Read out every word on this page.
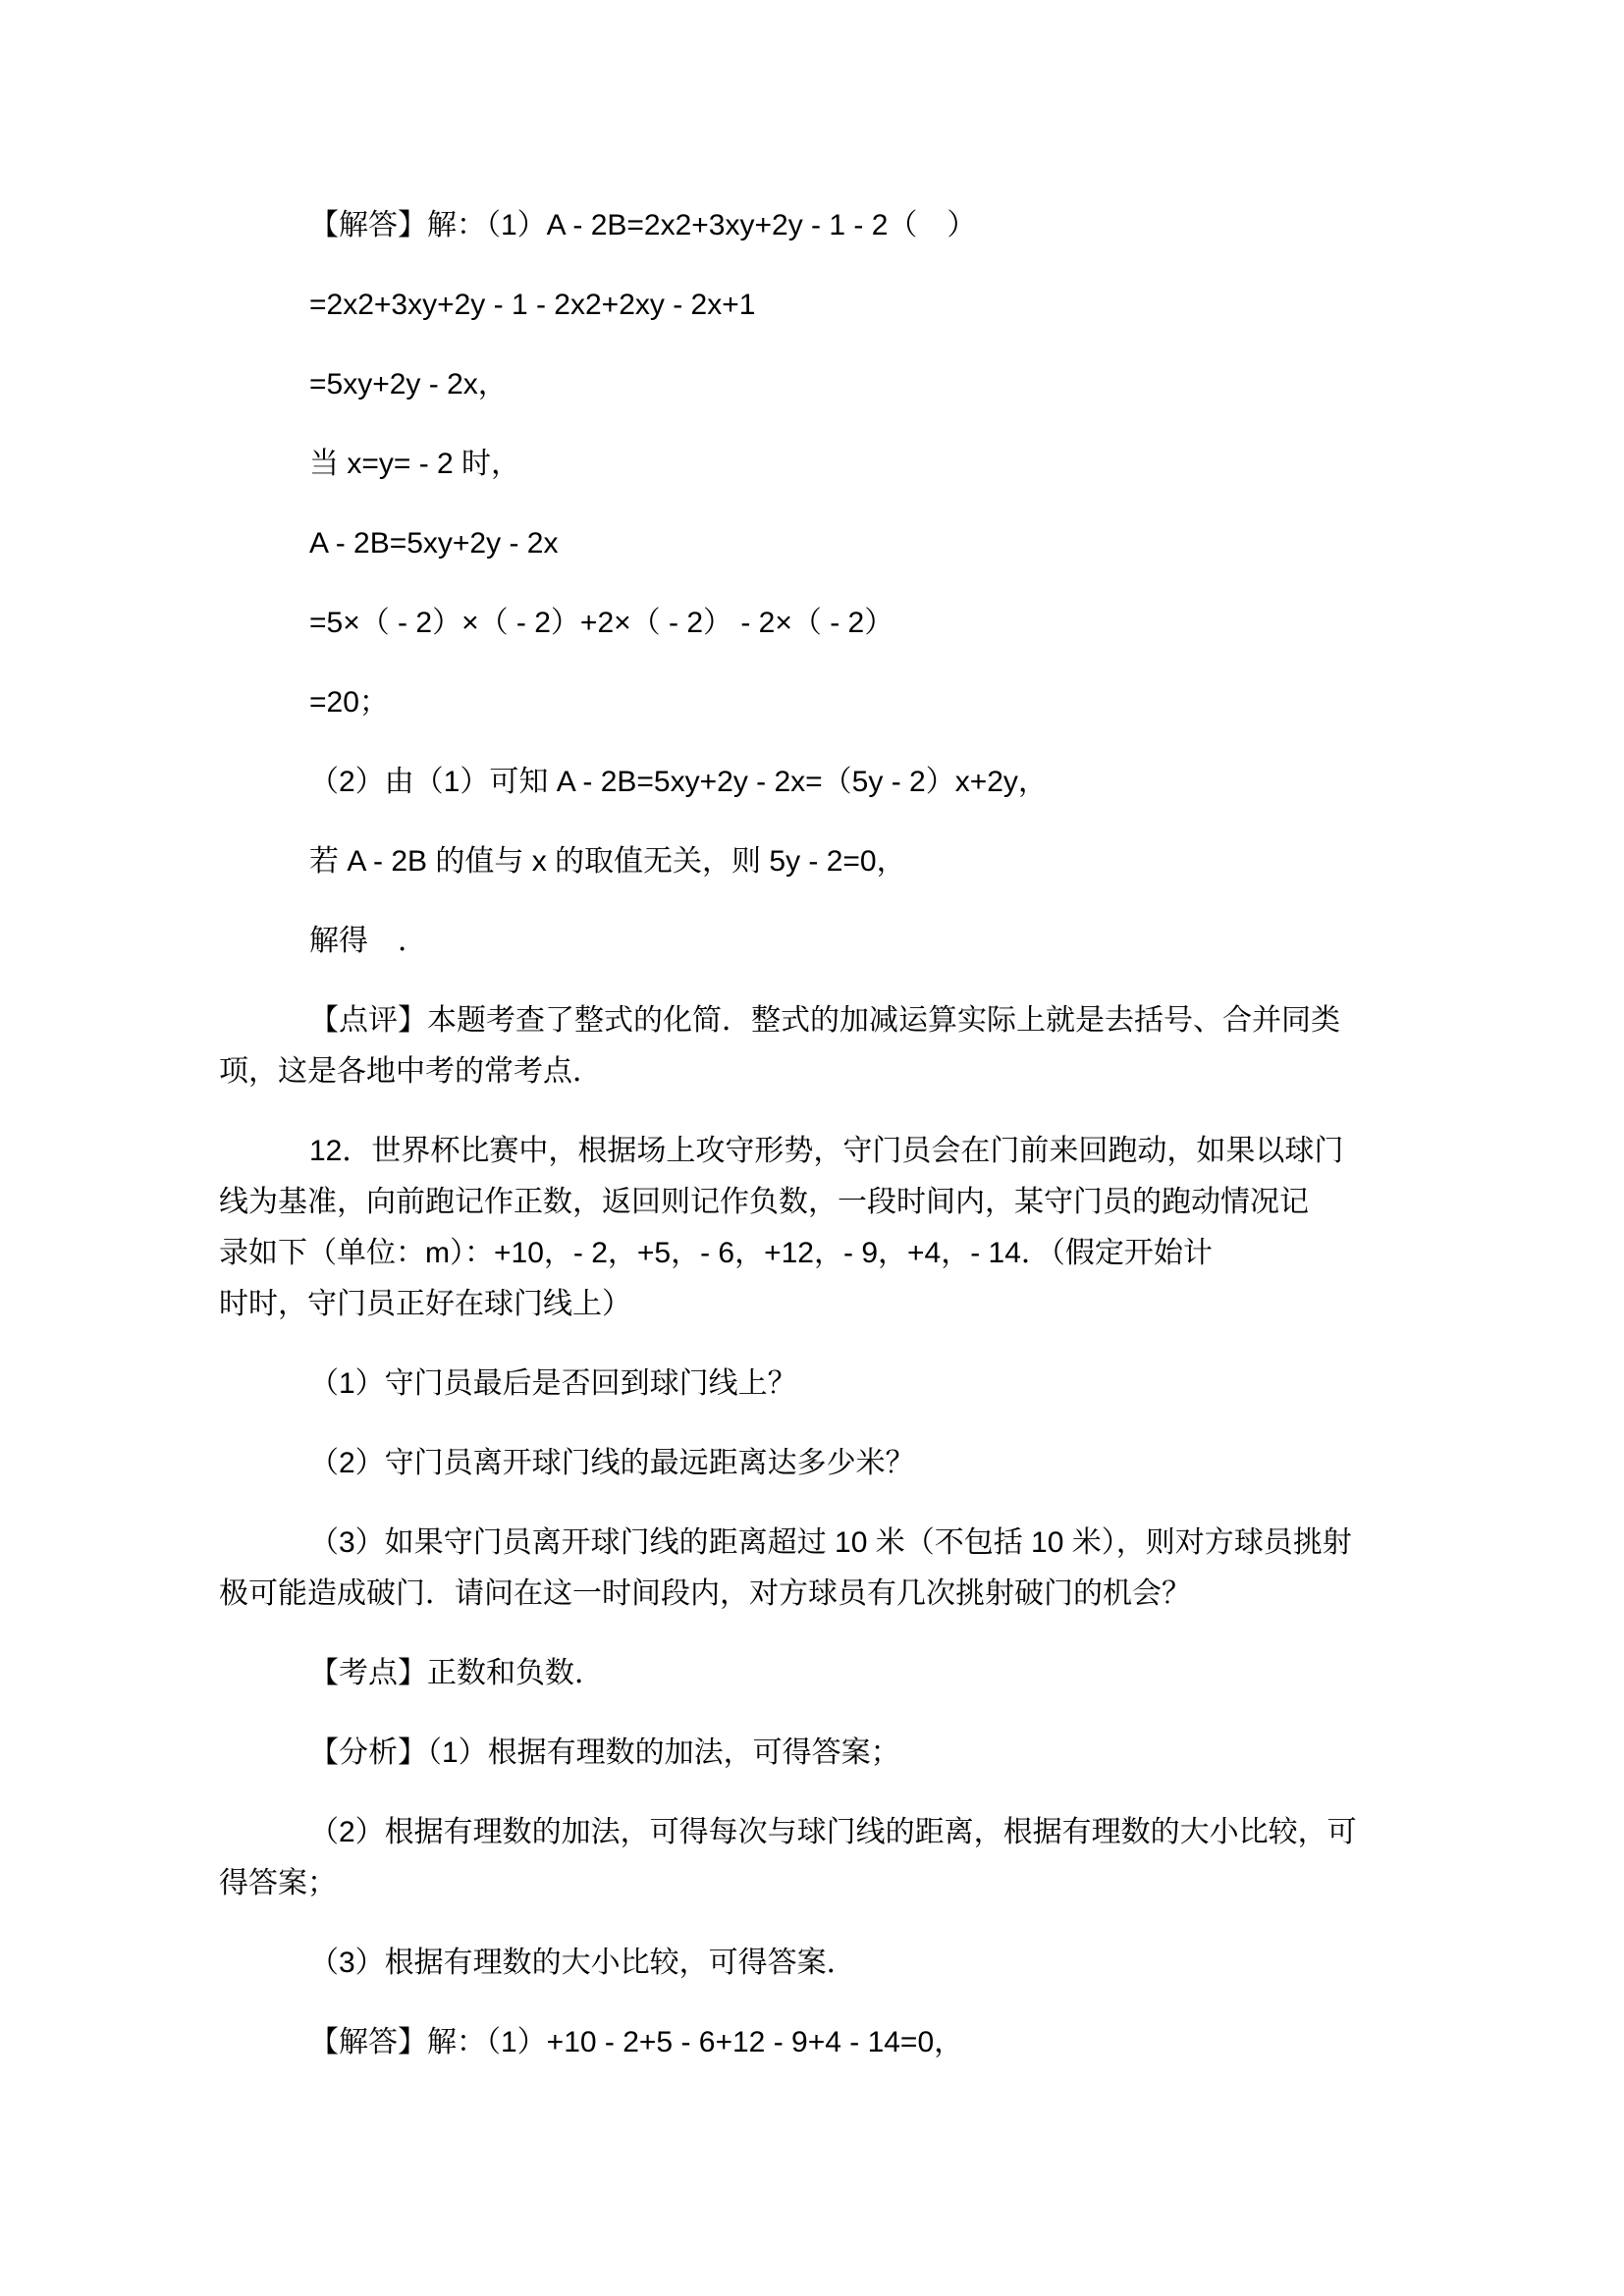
【解答】解：（1）A - 2B=2x2+3xy+2y - 1 - 2（　）
=2x2+3xy+2y - 1 - 2x2+2xy - 2x+1
=5xy+2y - 2x，
当 x=y= - 2 时，
A - 2B=5xy+2y - 2x
=5×（ - 2）×（ - 2）+2×（ - 2） - 2×（ - 2）
=20；
（2）由（1）可知 A - 2B=5xy+2y - 2x=（5y - 2）x+2y，
若 A - 2B 的值与 x 的取值无关，则 5y - 2=0，
解得　．
【点评】本题考查了整式的化简．整式的加减运算实际上就是去括号、合并同类
项，这是各地中考的常考点．
12．世界杯比赛中，根据场上攻守形势，守门员会在门前来回跑动，如果以球门
线为基准，向前跑记作正数，返回则记作负数，一段时间内，某守门员的跑动情况记
录如下（单位：m）：+10，- 2，+5，- 6，+12，- 9，+4，- 14．（假定开始计
时时，守门员正好在球门线上）
（1）守门员最后是否回到球门线上？
（2）守门员离开球门线的最远距离达多少米？
（3）如果守门员离开球门线的距离超过 10 米（不包括 10 米），则对方球员挑射
极可能造成破门．请问在这一时间段内，对方球员有几次挑射破门的机会？
【考点】正数和负数．
【分析】（1）根据有理数的加法，可得答案；
（2）根据有理数的加法，可得每次与球门线的距离，根据有理数的大小比较，可
得答案；
（3）根据有理数的大小比较，可得答案．
【解答】解：（1）+10 - 2+5 - 6+12 - 9+4 - 14=0，
